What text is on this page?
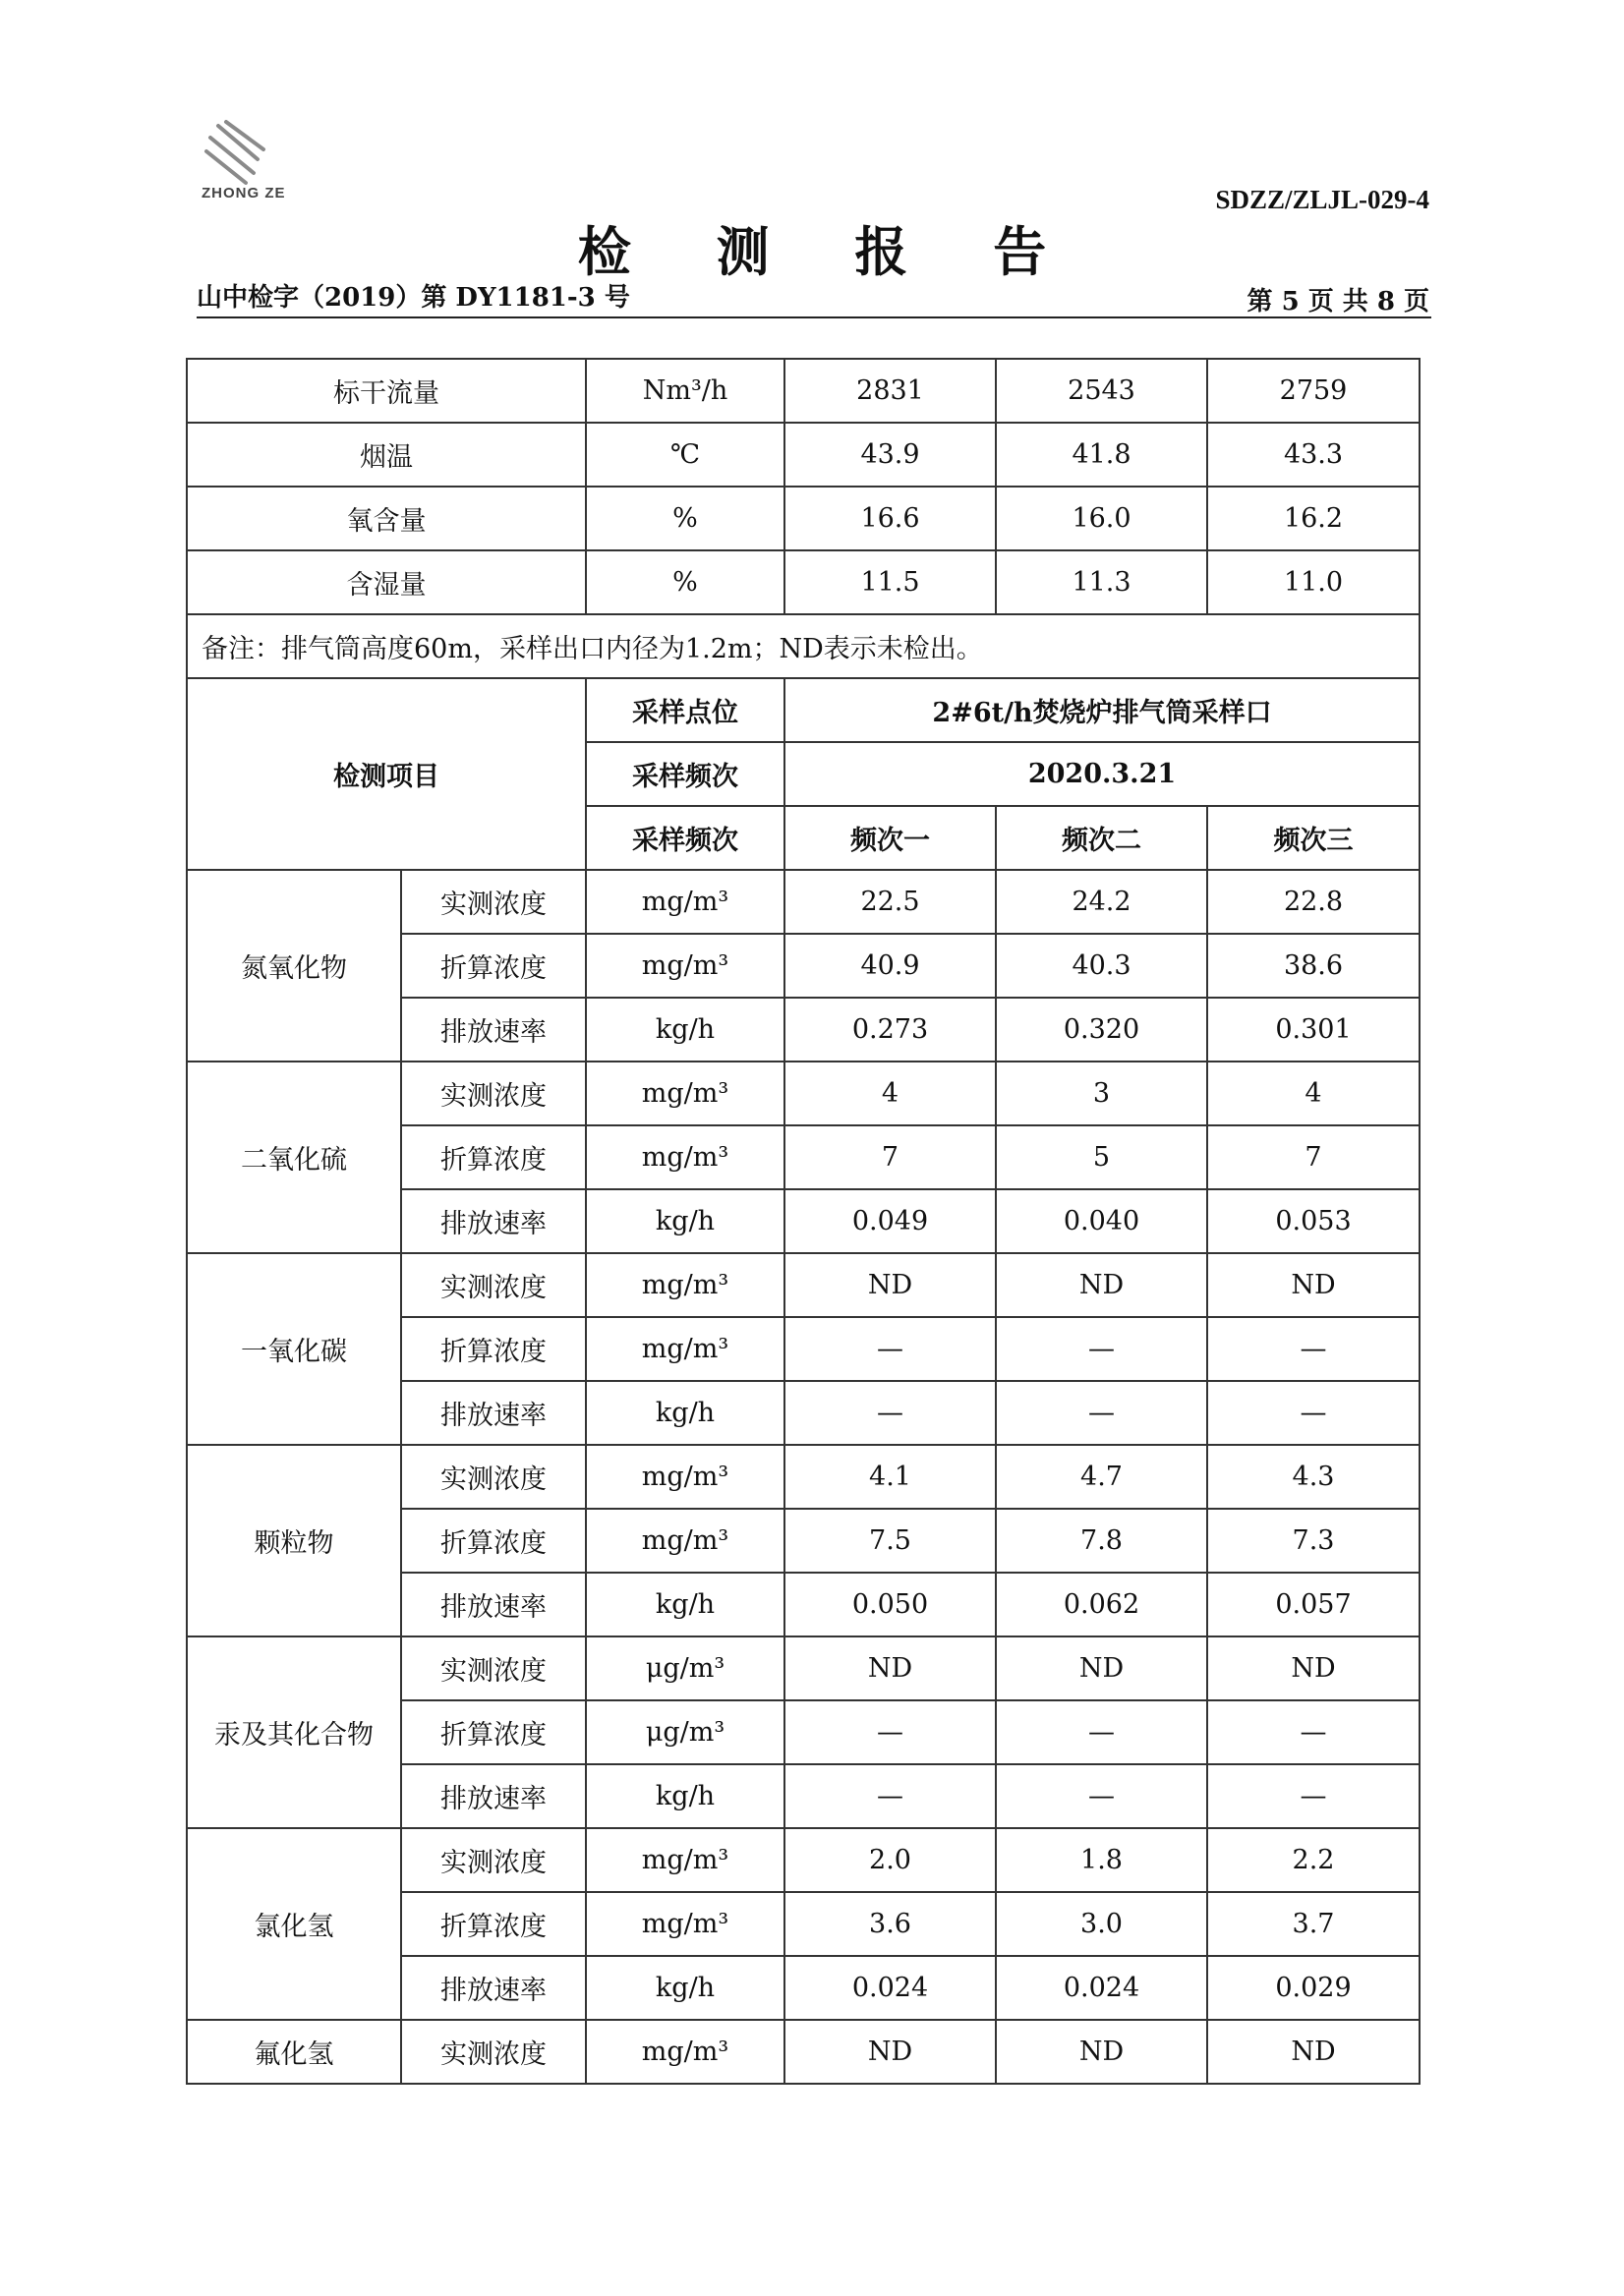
ZHONG ZE	SDZZ/ZLJL-029-4
检 测 报 告
山中检字（2019）第 DY1181-3 号	第 5 页 共 8 页
标干流量		Nm³/h	2831	2543	2759
烟温		℃	43.9	41.8	43.3
氧含量		%	16.6	16.0	16.2
含湿量		%	11.5	11.3	11.0
备注：排气筒高度60m，采样出口内径为1.2m；ND表示未检出。					
检测项目		采样点位	2#6t/h焚烧炉排气筒采样口		
		采样频次	2020.3.21		
		采样频次	频次一	频次二	频次三
氮氧化物	实测浓度	mg/m³	22.5	24.2	22.8
	折算浓度	mg/m³	40.9	40.3	38.6
	排放速率	kg/h	0.273	0.320	0.301
二氧化硫	实测浓度	mg/m³	4	3	4
	折算浓度	mg/m³	7	5	7
	排放速率	kg/h	0.049	0.040	0.053
一氧化碳	实测浓度	mg/m³	ND	ND	ND
	折算浓度	mg/m³	—	—	—
	排放速率	kg/h	—	—	—
颗粒物	实测浓度	mg/m³	4.1	4.7	4.3
	折算浓度	mg/m³	7.5	7.8	7.3
	排放速率	kg/h	0.050	0.062	0.057
汞及其化合物	实测浓度	μg/m³	ND	ND	ND
	折算浓度	μg/m³	—	—	—
	排放速率	kg/h	—	—	—
氯化氢	实测浓度	mg/m³	2.0	1.8	2.2
	折算浓度	mg/m³	3.6	3.0	3.7
	排放速率	kg/h	0.024	0.024	0.029
氟化氢	实测浓度	mg/m³	ND	ND	ND
